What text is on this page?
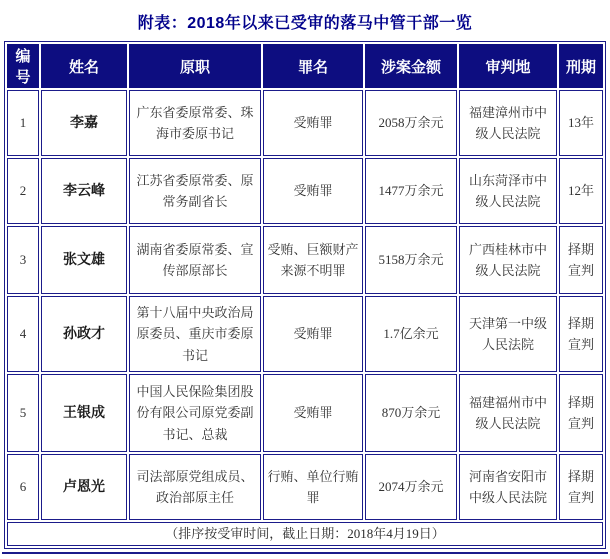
附表：2018年以来已受审的落马中管干部一览
编号	姓名	原职	罪名	涉案金额	审判地	刑期
1	李嘉	广东省委原常委、珠海市委原书记	受贿罪	2058万余元	福建漳州市中级人民法院	13年
2	李云峰	江苏省委原常委、原常务副省长	受贿罪	1477万余元	山东菏泽市中级人民法院	12年
3	张文雄	湖南省委原常委、宣传部原部长	受贿、巨额财产来源不明罪	5158万余元	广西桂林市中级人民法院	择期宣判
4	孙政才	第十八届中央政治局原委员、重庆市委原书记	受贿罪	1.7亿余元	天津第一中级人民法院	择期宣判
5	王银成	中国人民保险集团股份有限公司原党委副书记、总裁	受贿罪	870万余元	福建福州市中级人民法院	择期宣判
6	卢恩光	司法部原党组成员、政治部原主任	行贿、单位行贿罪	2074万余元	河南省安阳市中级人民法院	择期宣判
（排序按受审时间，截止日期：2018年4月19日）						
